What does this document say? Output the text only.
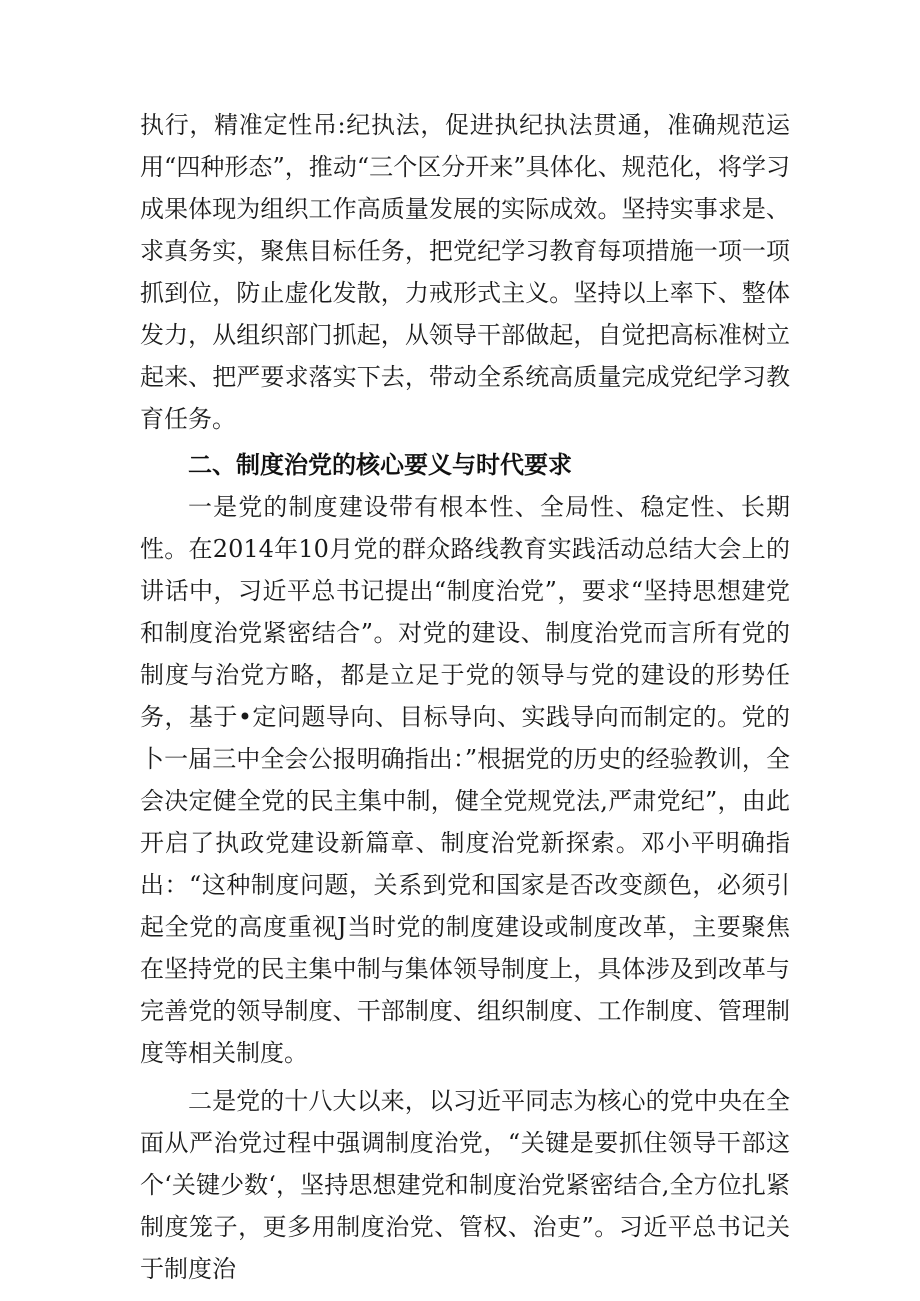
执行，精准定性吊:纪执法，促进执纪执法贯通，准确规范运用“四种形态”，推动“三个区分开来”具体化、规范化，将学习成果体现为组织工作高质量发展的实际成效。坚持实事求是、求真务实，聚焦目标任务，把党纪学习教育每项措施一项一项抓到位，防止虚化发散，力戒形式主义。坚持以上率下、整体发力，从组织部门抓起，从领导干部做起，自觉把高标准树立起来、把严要求落实下去，带动全系统高质量完成党纪学习教育任务。

二、制度治党的核心要义与时代要求

一是党的制度建设带有根本性、全局性、稳定性、长期性。在2014年10月党的群众路线教育实践活动总结大会上的讲话中，习近平总书记提出“制度治党”，要求“坚持思想建党和制度治党紧密结合”。对党的建设、制度治党而言所有党的制度与治党方略，都是立足于党的领导与党的建设的形势任务，基于•定问题导向、目标导向、实践导向而制定的。党的卜一届三中全会公报明确指出：”根据党的历史的经验教训，全会决定健全党的民主集中制，健全党规党法,严肃党纪”，由此开启了执政党建设新篇章、制度治党新探索。邓小平明确指出：“这种制度问题，关系到党和国家是否改变颜色，必须引起全党的高度重视J当时党的制度建设或制度改革，主要聚焦在坚持党的民主集中制与集体领导制度上，具体涉及到改革与完善党的领导制度、干部制度、组织制度、工作制度、管理制度等相关制度。

二是党的十八大以来，以习近平同志为核心的党中央在全面从严治党过程中强调制度治党，“关键是要抓住领导干部这个‘关键少数‘，坚持思想建党和制度治党紧密结合,全方位扎紧制度笼子，更多用制度治党、管权、治吏”。习近平总书记关于制度治
